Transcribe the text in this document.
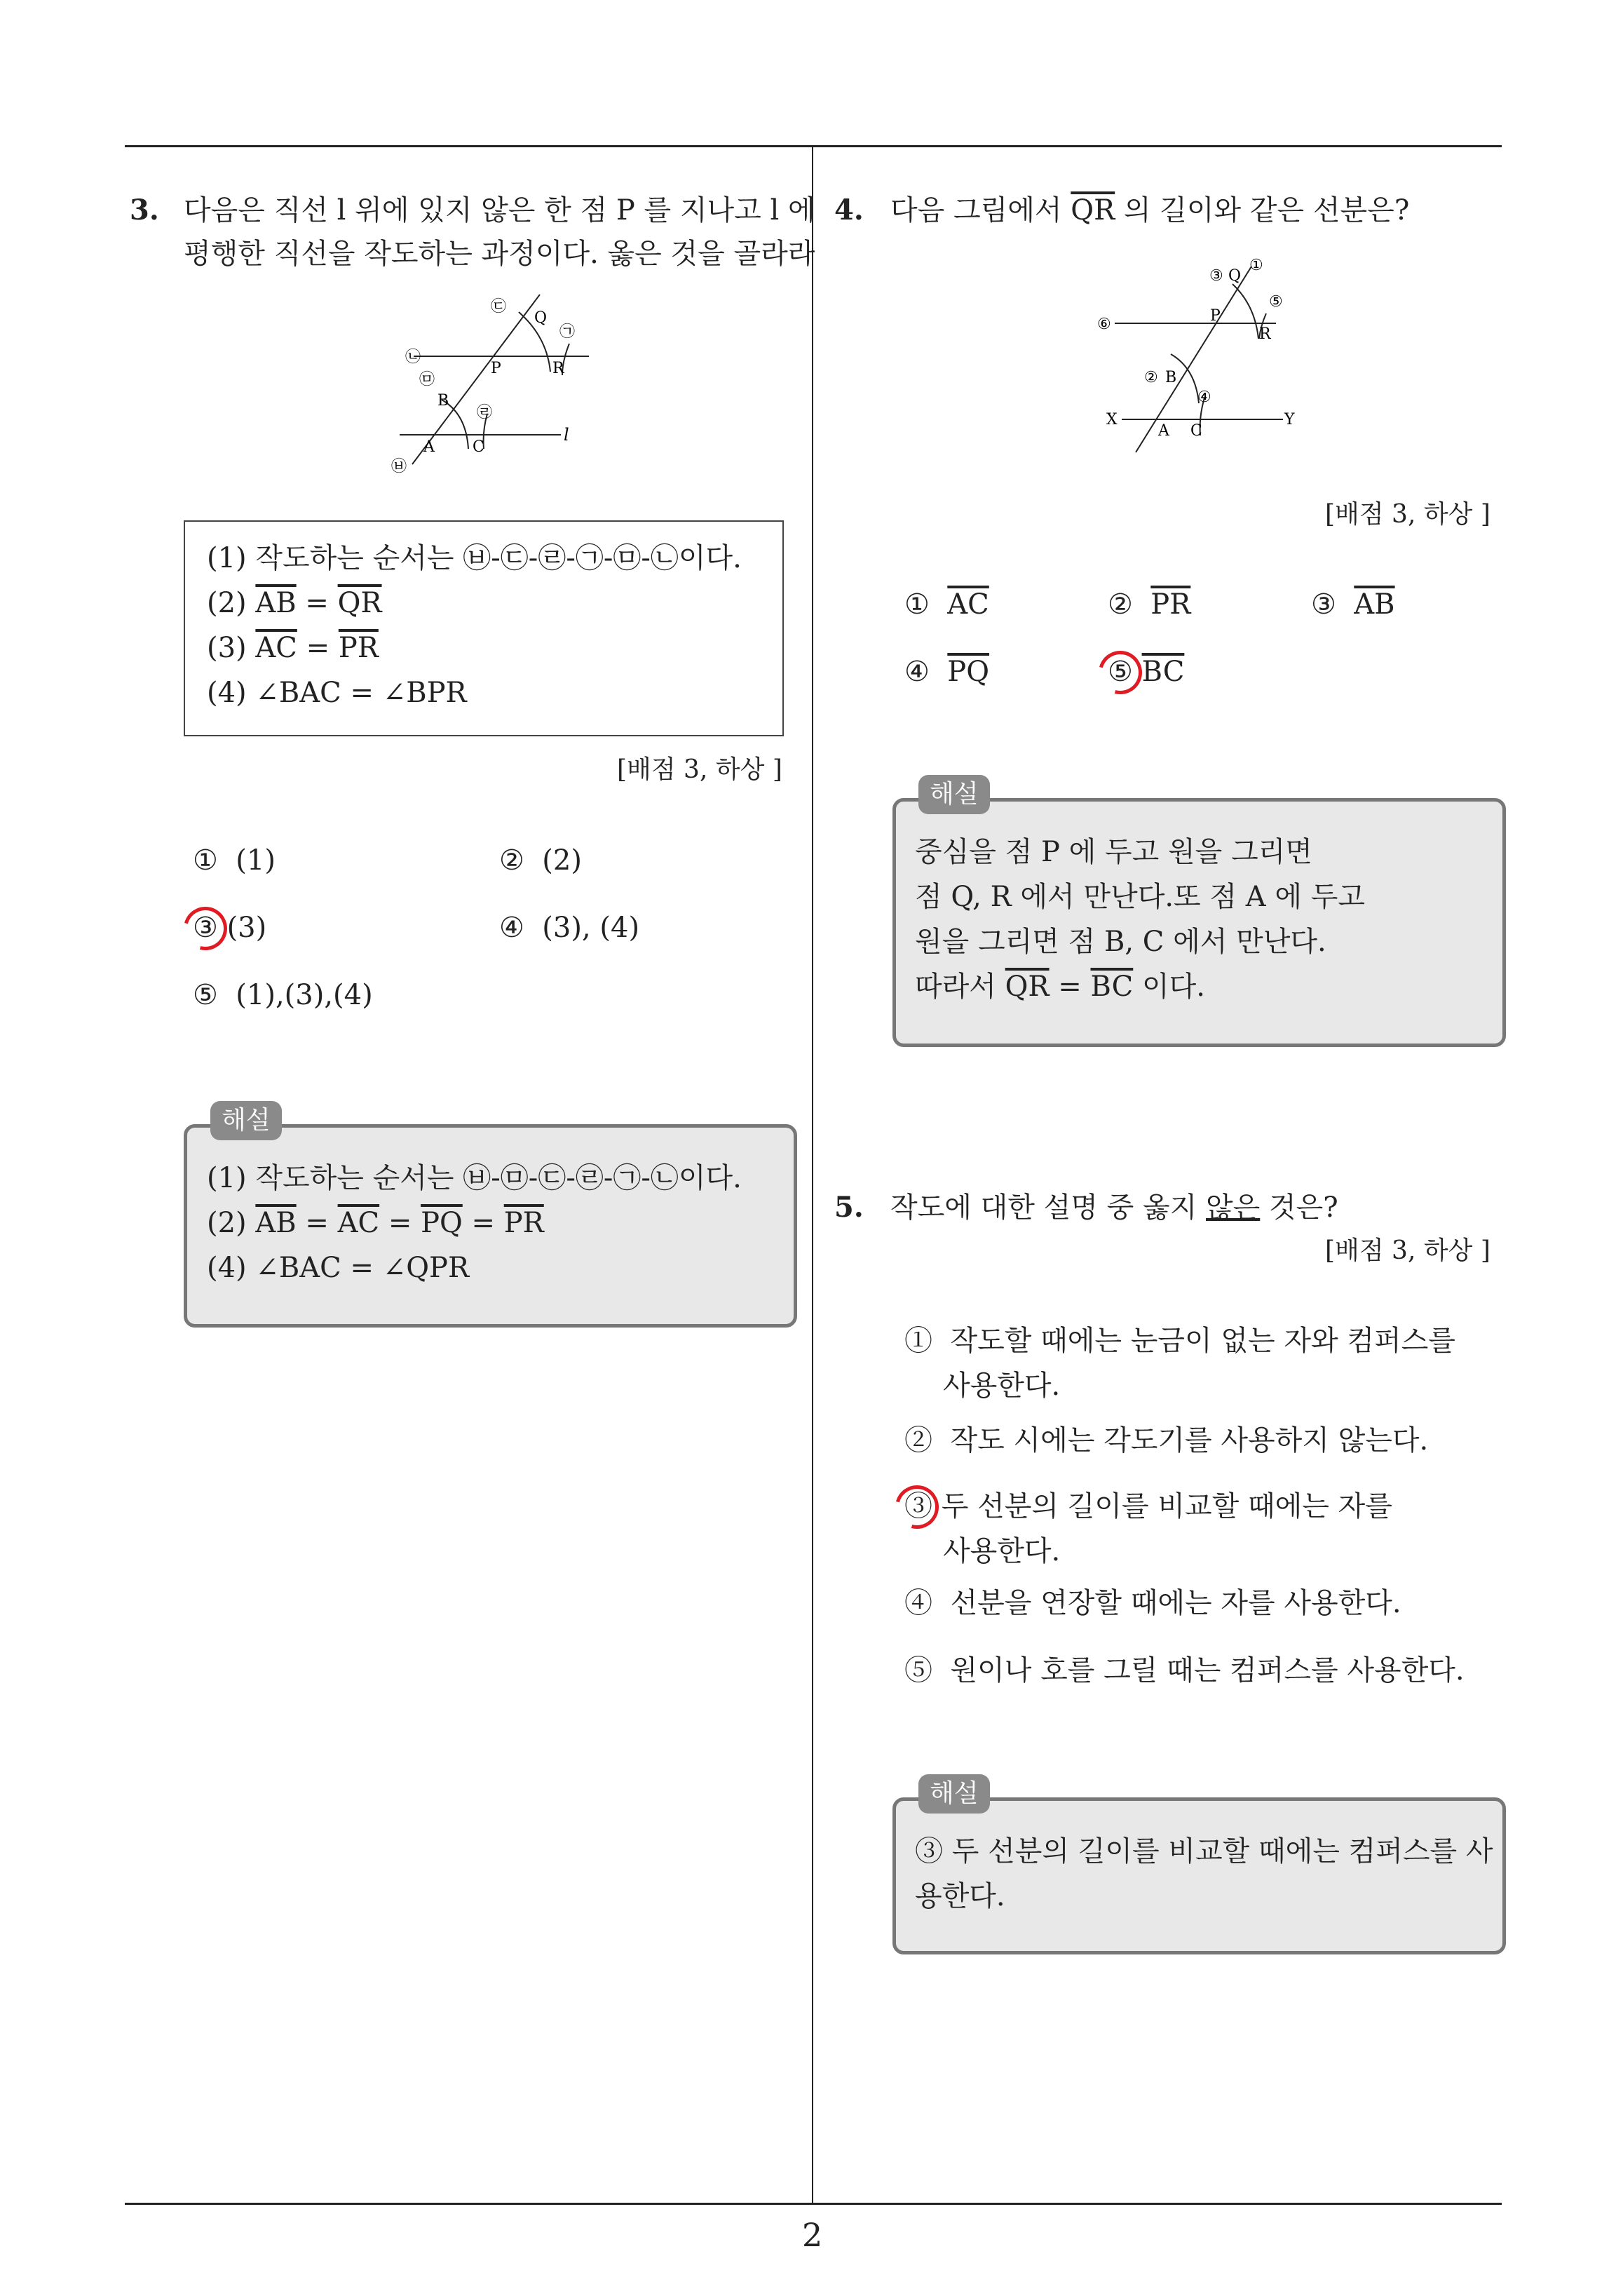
2
3. 다음은 직선 l 위에 있지 않은 한 점 P 를 지나고 l 에
평행한 직선을 작도하는 과정이다. 옳은 것을 골라라
㉠
㉡
㉢
㉣
㉤
㉥
Q
P	R
B
A C
l
(1) 작도하는 순서는 ㉥-㉢-㉣-㉠-㉤-㉡이다.
(2) $\overline{AB} = \overline{QR}$
(3) $\overline{AC} = \overline{PR}$
(4) ∠BAC = ∠BPR
[배점 3, 하상 ]
① (1)	② (2)
③ (3)	④ (3), (4)
⑤ (1),(3),(4)
해설
(1) 작도하는 순서는 ㉥-㉤-㉢-㉣-㉠-㉡이다.
(2) $\overline{AB} = \overline{AC} = \overline{PQ} = \overline{PR}$
(4) ∠BAC = ∠QPR
4. 다음 그림에서 $\overline{QR}$ 의 길이와 같은 선분은?
①
③ Q
⑤
⑥	P
R
② B
④
X
A C
Y
[배점 3, 하상 ]
① $\overline{AC}$	② $\overline{PR}$	③ $\overline{AB}$
④ $\overline{PQ}$	⑤ $\overline{BC}$
해설
중심을 점 P 에 두고 원을 그리면
점 Q, R 에서 만난다.또 점 A 에 두고
원을 그리면 점 B, C 에서 만난다.
따라서 $\overline{QR} = \overline{BC}$ 이다.
5. 작도에 대한 설명 중 옳지 않은 것은?
[배점 3, 하상 ]
① 작도할 때에는 눈금이 없는 자와 컴퍼스를
사용한다.
② 작도 시에는 각도기를 사용하지 않는다.
③ 두 선분의 길이를 비교할 때에는 자를
사용한다.
④ 선분을 연장할 때에는 자를 사용한다.
⑤ 원이나 호를 그릴 때는 컴퍼스를 사용한다.
해설
③ 두 선분의 길이를 비교할 때에는 컴퍼스를 사
용한다.
